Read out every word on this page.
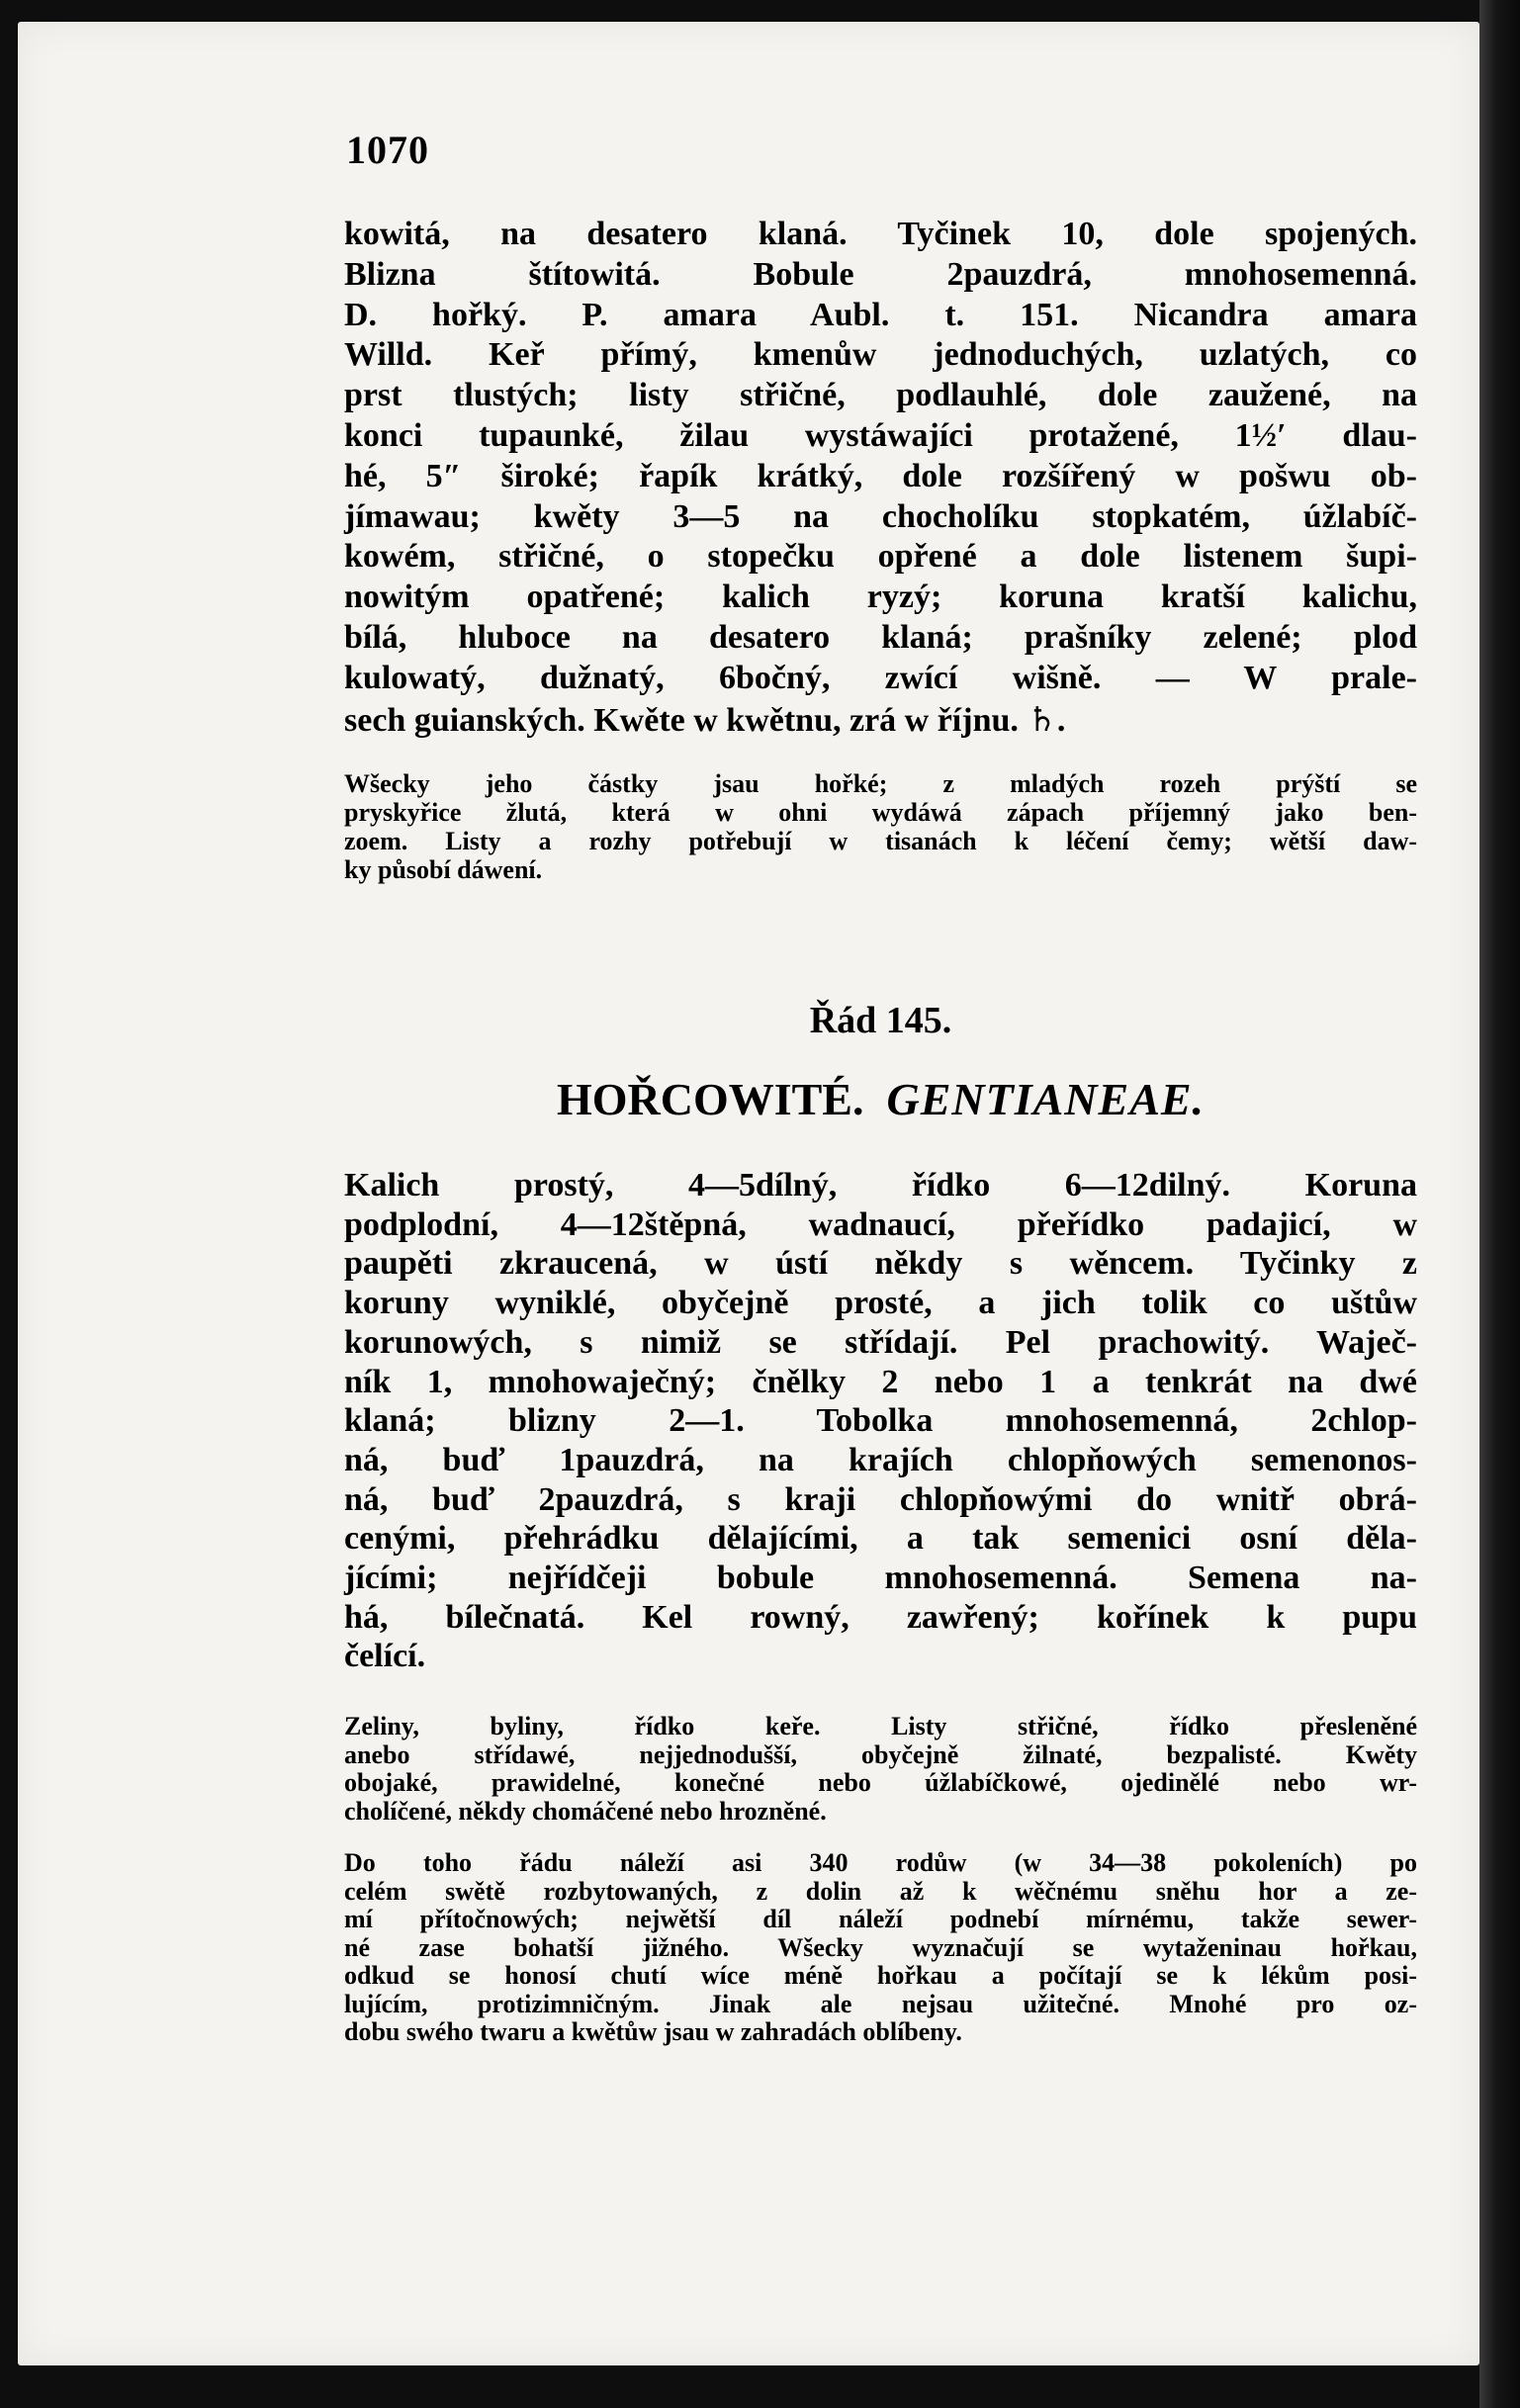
1070
kowitá, na desatero klaná. Tyčinek 10, dole spojených.
Blizna štítowitá. Bobule 2pauzdrá, mnohosemenná.
D. hořký. P. amara Aubl. t. 151. Nicandra amara
Willd. Keř přímý, kmenůw jednoduchých, uzlatých, co
prst tlustých; listy střičné, podlauhlé, dole zaužené, na
konci tupaunké, žilau wystáwajíci protažené, 1½′ dlau-
hé, 5″ široké; řapík krátký, dole rozšířený w pošwu ob-
jímawau; kwěty 3—5 na chocholíku stopkatém, úžlabíč-
kowém, střičné, o stopečku opřené a dole listenem šupi-
nowitým opatřené; kalich ryzý; koruna kratší kalichu,
bílá, hluboce na desatero klaná; prašníky zelené; plod
kulowatý, dužnatý, 6bočný, zwící wišně. — W prale-
sech guianských. Kwěte w kwětnu, zrá w říjnu. ♄.
Wšecky jeho částky jsau hořké; z mladých rozeh prýští se
pryskyřice žlutá, která w ohni wydáwá zápach příjemný jako ben-
zoem. Listy a rozhy potřebují w tisanách k léčení čemy; wětší daw-
ky působí dáwení.
Kalich prostý, 4—5dílný, řídko 6—12dilný. Koruna
podplodní, 4—12štěpná, wadnaucí, přeřídko padajicí, w
paupěti zkraucená, w ústí někdy s wěncem. Tyčinky z
koruny wyniklé, obyčejně prosté, a jich tolik co uštůw
korunowých, s nimiž se střídají. Pel prachowitý. Waječ-
ník 1, mnohowaječný; čnělky 2 nebo 1 a tenkrát na dwé
klaná; blizny 2—1. Tobolka mnohosemenná, 2chlop-
ná, buď 1pauzdrá, na krajích chlopňowých semenonos-
ná, buď 2pauzdrá, s kraji chlopňowými do wnitř obrá-
cenými, přehrádku dělajícími, a tak semenici osní děla-
jícími; nejřídčeji bobule mnohosemenná. Semena na-
há, bílečnatá. Kel rowný, zawřený; kořínek k pupu
čelící.
Zeliny, byliny, řídko keře. Listy střičné, řídko přesleněné
anebo střídawé, nejjednodušší, obyčejně žilnaté, bezpalisté. Kwěty
obojaké, prawidelné, konečné nebo úžlabíčkowé, ojedinělé nebo wr-
cholíčené, někdy chomáčené nebo hrozněné.
Do toho řádu náleží asi 340 rodůw (w 34—38 pokoleních) po
celém swětě rozbytowaných, z dolin až k wěčnému sněhu hor a ze-
mí přítočnowých; nejwětší díl náleží podnebí mírnému, takže sewer-
né zase bohatší jižného. Wšecky wyznačují se wytaženinau hořkau,
odkud se honosí chutí wíce méně hořkau a počítají se k lékům posi-
lujícím, protizimničným. Jinak ale nejsau užitečné. Mnohé pro oz-
dobu swého twaru a kwětůw jsau w zahradách oblíbeny.
Řád 145.
HOŘCOWITÉ. GENTIANEAE.
